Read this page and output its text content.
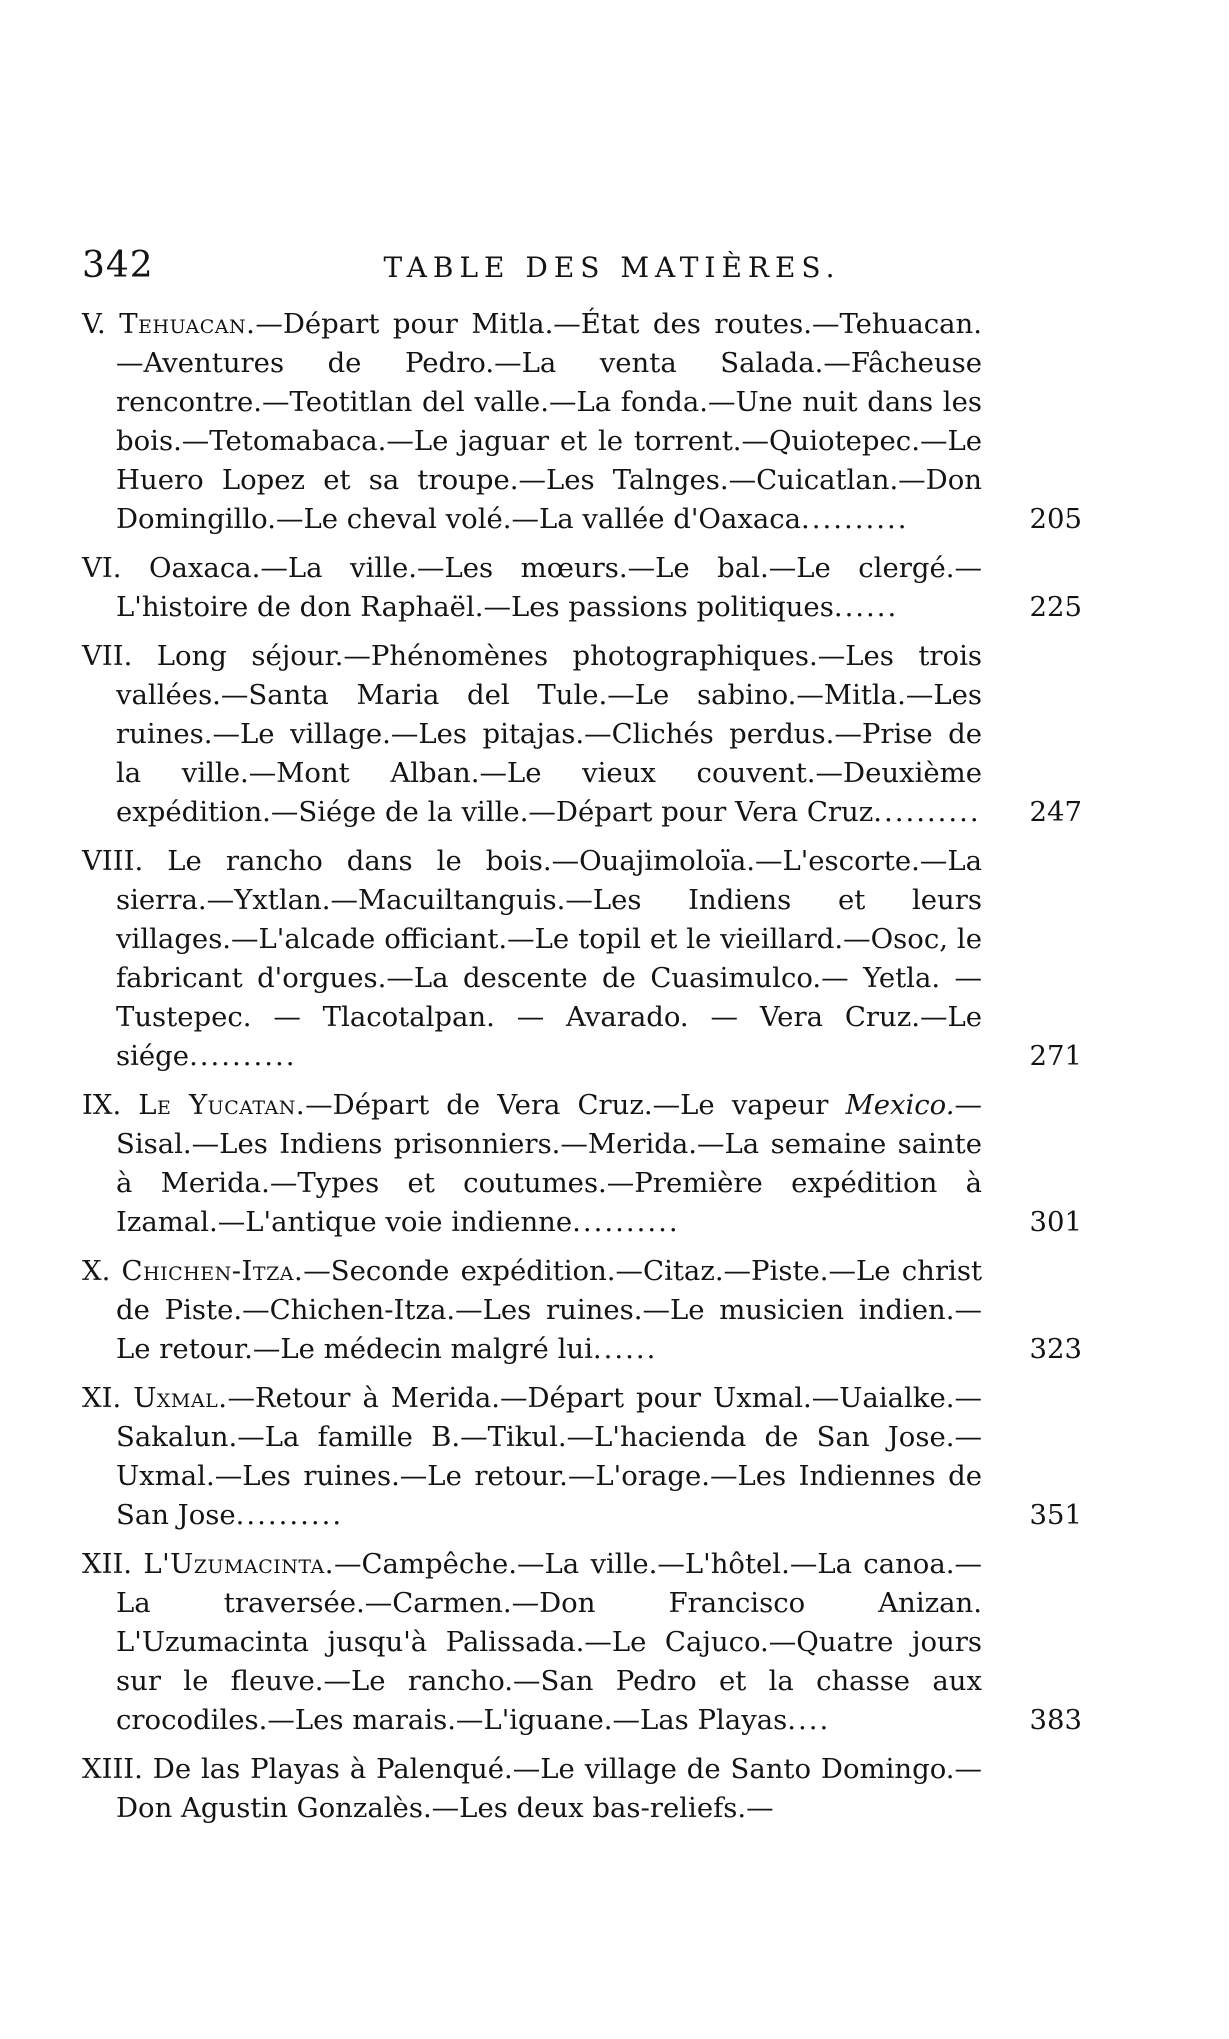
342	TABLE DES MATIÈRES.
V. Tehuacan.—Départ pour Mitla.—État des routes.—Tehuacan.—Aventures de Pedro.—La venta Salada.—Fâcheuse rencontre.—Teotitlan del valle.—La fonda.—Une nuit dans les bois.—Tetomabaca.—Le jaguar et le torrent.—Quiotepec.—Le Huero Lopez et sa troupe.—Les Talnges.—Cuicatlan.—Don Domingillo.—Le cheval volé.—La vallée d'Oaxaca..........	205
VI. Oaxaca.—La ville.—Les mœurs.—Le bal.—Le clergé.—L'histoire de don Raphaël.—Les passions politiques......	225
VII. Long séjour.—Phénomènes photographiques.—Les trois vallées.—Santa Maria del Tule.—Le sabino.—Mitla.—Les ruines.—Le village.—Les pitajas.—Clichés perdus.—Prise de la ville.—Mont Alban.—Le vieux couvent.—Deuxième expédition.—Siége de la ville.—Départ pour Vera Cruz..........	247
VIII. Le rancho dans le bois.—Ouajimoloïa.—L'escorte.—La sierra.—Yxtlan.—Macuiltanguis.—Les Indiens et leurs villages.—L'alcade officiant.—Le topil et le vieillard.—Osoc, le fabricant d'orgues.—La descente de Cuasimulco.— Yetla. — Tustepec. — Tlacotalpan. — Avarado. — Vera Cruz.—Le siége..........	271
IX. Le Yucatan.—Départ de Vera Cruz.—Le vapeur Mexico.—Sisal.—Les Indiens prisonniers.—Merida.—La semaine sainte à Merida.—Types et coutumes.—Première expédition à Izamal.—L'antique voie indienne..........	301
X. Chichen-Itza.—Seconde expédition.—Citaz.—Piste.—Le christ de Piste.—Chichen-Itza.—Les ruines.—Le musicien indien.—Le retour.—Le médecin malgré lui......	323
XI. Uxmal.—Retour à Merida.—Départ pour Uxmal.—Uaialke.—Sakalun.—La famille B.—Tikul.—L'hacienda de San Jose.—Uxmal.—Les ruines.—Le retour.—L'orage.—Les Indiennes de San Jose..........	351
XII. L'Uzumacinta.—Campêche.—La ville.—L'hôtel.—La canoa.—La traversée.—Carmen.—Don Francisco Anizan. L'Uzumacinta jusqu'à Palissada.—Le Cajuco.—Quatre jours sur le fleuve.—Le rancho.—San Pedro et la chasse aux crocodiles.—Les marais.—L'iguane.—Las Playas....	383
XIII. De las Playas à Palenqué.—Le village de Santo Domingo.—Don Agustin Gonzalès.—Les deux bas-reliefs.—
